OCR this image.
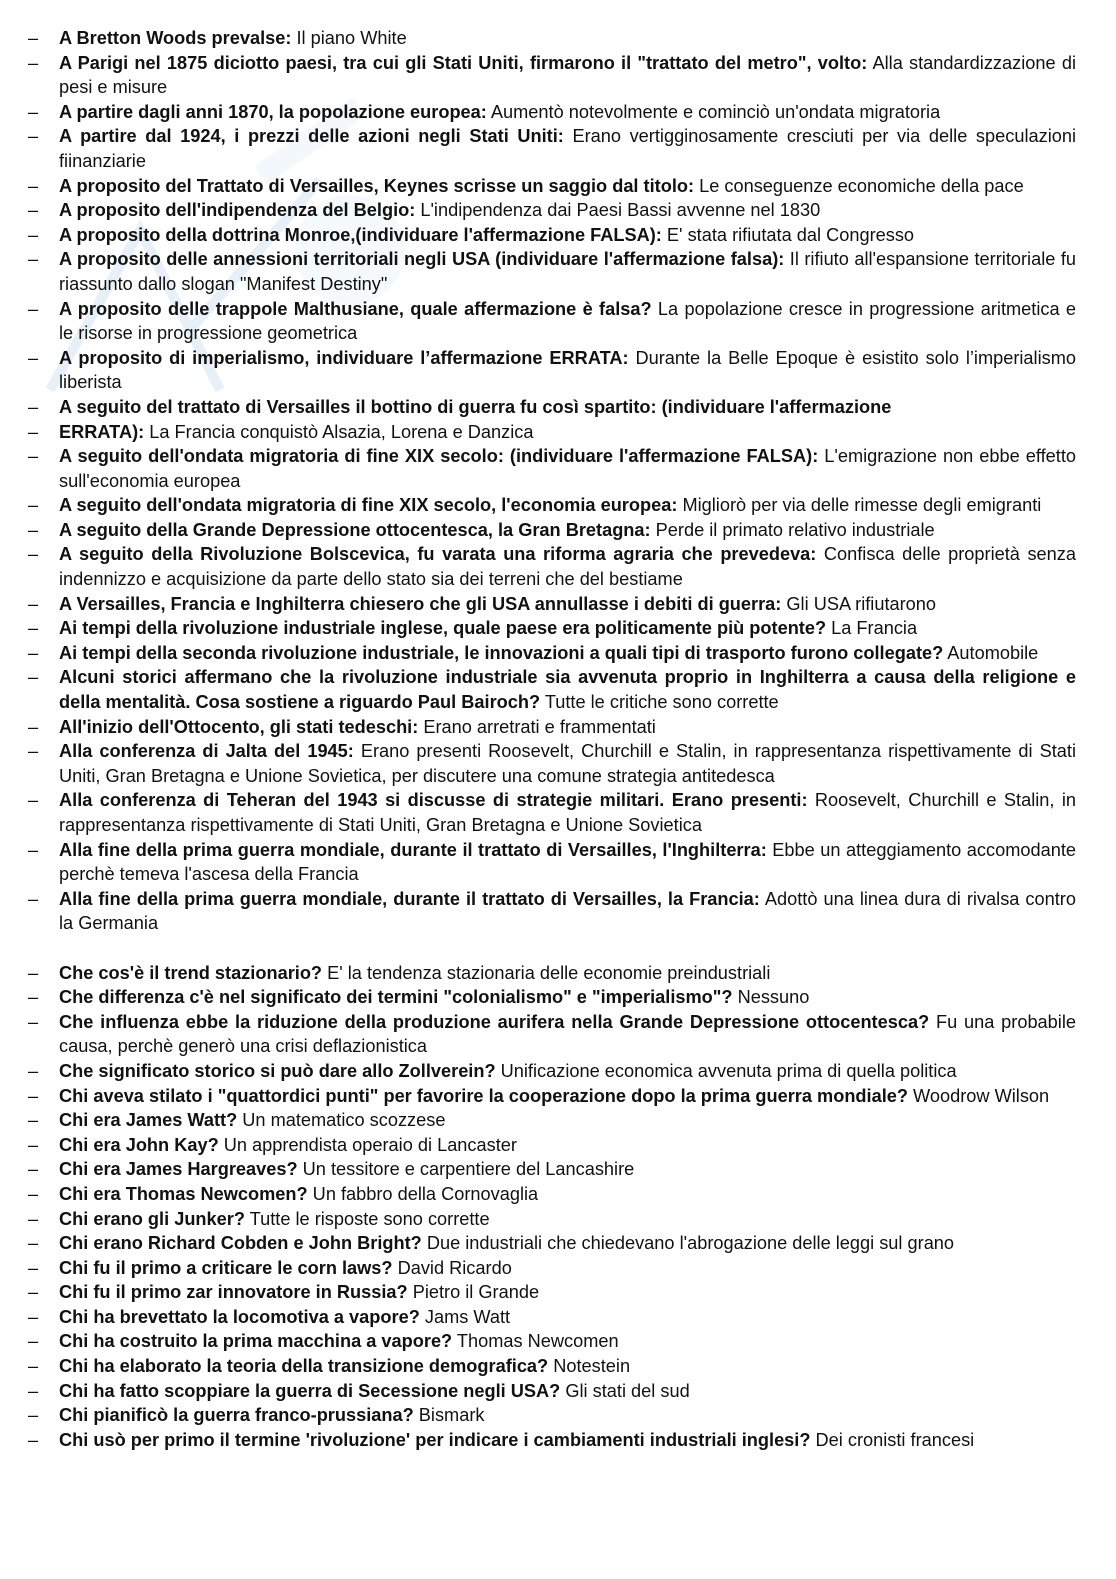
– A Bretton Woods prevalse: Il piano White
– A Parigi nel 1875 diciotto paesi, tra cui gli Stati Uniti, firmarono il "trattato del metro", volto: Alla standardizzazione di pesi e misure
– A partire dagli anni 1870, la popolazione europea: Aumentò notevolmente e cominciò un'ondata migratoria
– A partire dal 1924, i prezzi delle azioni negli Stati Uniti: Erano vertigginosamente cresciuti per via delle speculazioni fiinanziarie
– A proposito del Trattato di Versailles, Keynes scrisse un saggio dal titolo: Le conseguenze economiche della pace
– A proposito dell'indipendenza del Belgio: L'indipendenza dai Paesi Bassi avvenne nel 1830
– A proposito della dottrina Monroe,(individuare l'affermazione FALSA): E' stata rifiutata dal Congresso
– A proposito delle annessioni territoriali negli USA (individuare l'affermazione falsa): Il rifiuto all'espansione territoriale fu riassunto dallo slogan "Manifest Destiny"
– A proposito delle trappole Malthusiane, quale affermazione è falsa? La popolazione cresce in progressione aritmetica e le risorse in progressione geometrica
– A proposito di imperialismo, individuare l’affermazione ERRATA: Durante la Belle Epoque è esistito solo l’imperialismo liberista
– A seguito del trattato di Versailles il bottino di guerra fu così spartito: (individuare l'affermazione
– ERRATA): La Francia conquistò Alsazia, Lorena e Danzica
– A seguito dell'ondata migratoria di fine XIX secolo: (individuare l'affermazione FALSA): L'emigrazione non ebbe effetto sull'economia europea
– A seguito dell'ondata migratoria di fine XIX secolo, l'economia europea: Migliorò per via delle rimesse degli emigranti
– A seguito della Grande Depressione ottocentesca, la Gran Bretagna: Perde il primato relativo industriale
– A seguito della Rivoluzione Bolscevica, fu varata una riforma agraria che prevedeva: Confisca delle proprietà senza indennizzo e acquisizione da parte dello stato sia dei terreni che del bestiame
– A Versailles, Francia e Inghilterra chiesero che gli USA annullasse i debiti di guerra: Gli USA rifiutarono
– Ai tempi della rivoluzione industriale inglese, quale paese era politicamente più potente? La Francia
– Ai tempi della seconda rivoluzione industriale, le innovazioni a quali tipi di trasporto furono collegate? Automobile
– Alcuni storici affermano che la rivoluzione industriale sia avvenuta proprio in Inghilterra a causa della religione e della mentalità. Cosa sostiene a riguardo Paul Bairoch? Tutte le critiche sono corrette
– All'inizio dell'Ottocento, gli stati tedeschi: Erano arretrati e frammentati
– Alla conferenza di Jalta del 1945: Erano presenti Roosevelt, Churchill e Stalin, in rappresentanza rispettivamente di Stati Uniti, Gran Bretagna e Unione Sovietica, per discutere una comune strategia antitedesca
– Alla conferenza di Teheran del 1943 si discusse di strategie militari. Erano presenti: Roosevelt, Churchill e Stalin, in rappresentanza rispettivamente di Stati Uniti, Gran Bretagna e Unione Sovietica
– Alla fine della prima guerra mondiale, durante il trattato di Versailles, l'Inghilterra: Ebbe un atteggiamento accomodante perchè temeva l'ascesa della Francia
– Alla fine della prima guerra mondiale, durante il trattato di Versailles, la Francia: Adottò una linea dura di rivalsa contro la Germania
– Che cos'è il trend stazionario? E' la tendenza stazionaria delle economie preindustriali
– Che differenza c'è nel significato dei termini "colonialismo" e "imperialismo"? Nessuno
– Che influenza ebbe la riduzione della produzione aurifera nella Grande Depressione ottocentesca? Fu una probabile causa, perchè generò una crisi deflazionistica
– Che significato storico si può dare allo Zollverein? Unificazione economica avvenuta prima di quella politica
– Chi aveva stilato i "quattordici punti" per favorire la cooperazione dopo la prima guerra mondiale? Woodrow Wilson
– Chi era James Watt? Un matematico scozzese
– Chi era John Kay? Un apprendista operaio di Lancaster
– Chi era James Hargreaves? Un tessitore e carpentiere del Lancashire
– Chi era Thomas Newcomen? Un fabbro della Cornovaglia
– Chi erano gli Junker? Tutte le risposte sono corrette
– Chi erano Richard Cobden e John Bright? Due industriali che chiedevano l'abrogazione delle leggi sul grano
– Chi fu il primo a criticare le corn laws? David Ricardo
– Chi fu il primo zar innovatore in Russia? Pietro il Grande
– Chi ha brevettato la locomotiva a vapore? Jams Watt
– Chi ha costruito la prima macchina a vapore? Thomas Newcomen
– Chi ha elaborato la teoria della transizione demografica? Notestein
– Chi ha fatto scoppiare la guerra di Secessione negli USA? Gli stati del sud
– Chi pianificò la guerra franco-prussiana? Bismark
– Chi usò per primo il termine 'rivoluzione' per indicare i cambiamenti industriali inglesi? Dei cronisti francesi
